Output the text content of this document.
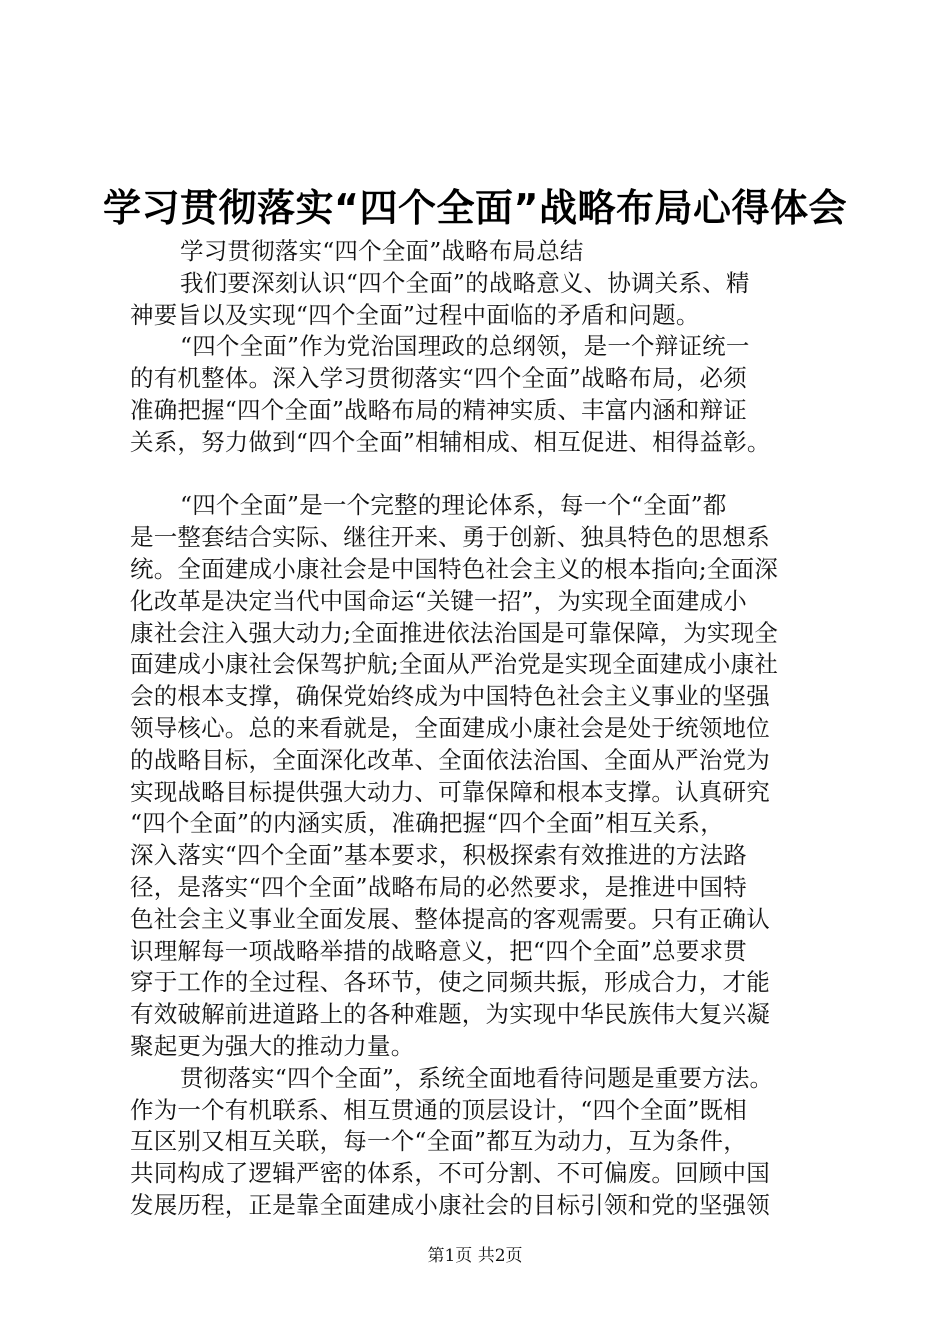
学习贯彻落实“四个全面”战略布局心得体会
学习贯彻落实“四个全面”战略布局总结
我们要深刻认识“四个全面”的战略意义、协调关系、精
神要旨以及实现“四个全面”过程中面临的矛盾和问题。
“四个全面”作为党治国理政的总纲领，是一个辩证统一
的有机整体。深入学习贯彻落实“四个全面”战略布局，必须
准确把握“四个全面”战略布局的精神实质、丰富内涵和辩证
关系，努力做到“四个全面”相辅相成、相互促进、相得益彰。
“四个全面”是一个完整的理论体系，每一个“全面”都
是一整套结合实际、继往开来、勇于创新、独具特色的思想系
统。全面建成小康社会是中国特色社会主义的根本指向;全面深
化改革是决定当代中国命运“关键一招”，为实现全面建成小
康社会注入强大动力;全面推进依法治国是可靠保障，为实现全
面建成小康社会保驾护航;全面从严治党是实现全面建成小康社
会的根本支撑，确保党始终成为中国特色社会主义事业的坚强
领导核心。总的来看就是，全面建成小康社会是处于统领地位
的战略目标，全面深化改革、全面依法治国、全面从严治党为
实现战略目标提供强大动力、可靠保障和根本支撑。认真研究
“四个全面”的内涵实质，准确把握“四个全面”相互关系，
深入落实“四个全面”基本要求，积极探索有效推进的方法路
径，是落实“四个全面”战略布局的必然要求，是推进中国特
色社会主义事业全面发展、整体提高的客观需要。只有正确认
识理解每一项战略举措的战略意义，把“四个全面”总要求贯
穿于工作的全过程、各环节，使之同频共振，形成合力，才能
有效破解前进道路上的各种难题，为实现中华民族伟大复兴凝
聚起更为强大的推动力量。
贯彻落实“四个全面”，系统全面地看待问题是重要方法。
作为一个有机联系、相互贯通的顶层设计，“四个全面”既相
互区别又相互关联，每一个“全面”都互为动力，互为条件，
共同构成了逻辑严密的体系，不可分割、不可偏废。回顾中国
发展历程，正是靠全面建成小康社会的目标引领和党的坚强领
第1页 共2页
